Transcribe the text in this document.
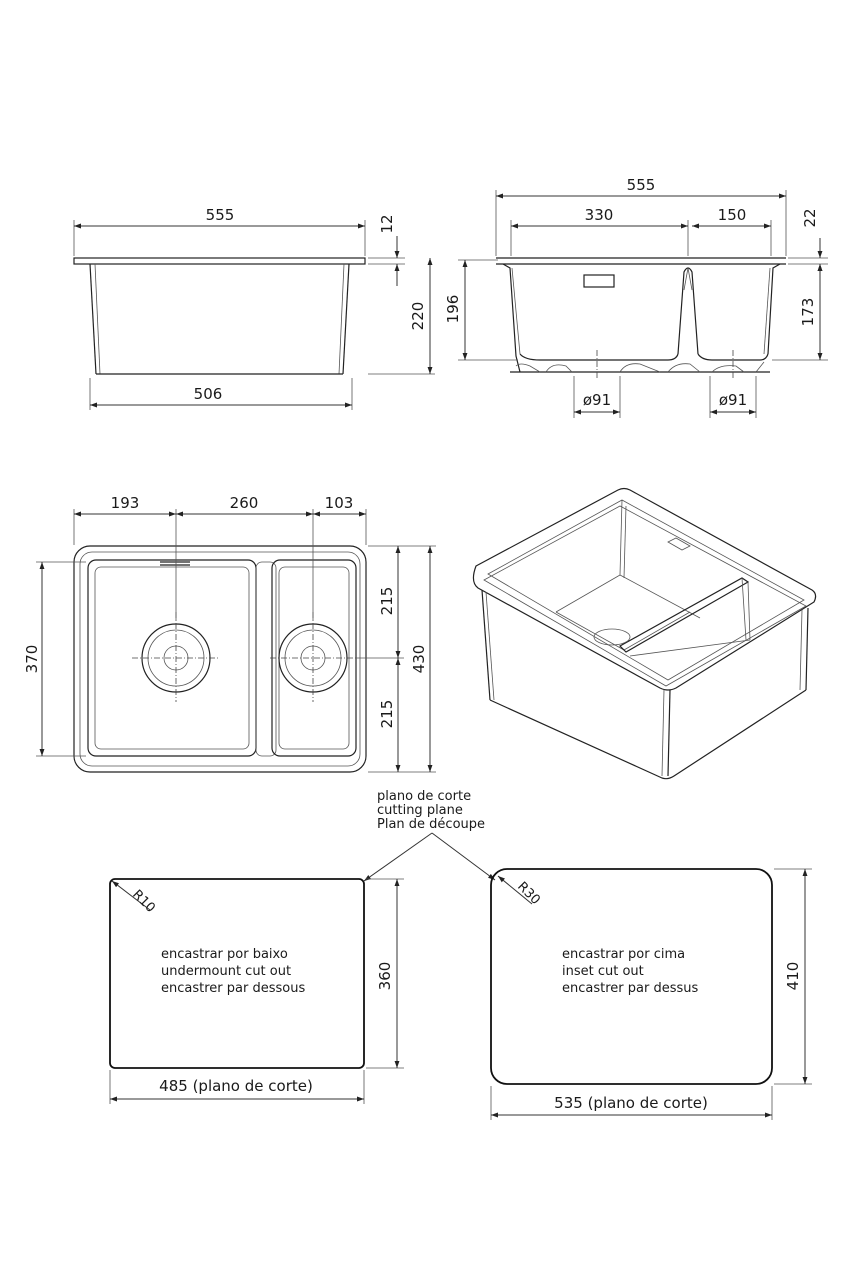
555	12
220
506
555
330	150	22
173
196
ø91	ø91
193	260	103
370
215
215
430
plano de corte
cutting plane
Plan de découpe
R10
encastrar por baixo
undermount cut out
encastrer par dessous	360
485 (plano de corte)
R30
encastrar por cima
inset cut out
encastrer par dessus	410
535 (plano de corte)
